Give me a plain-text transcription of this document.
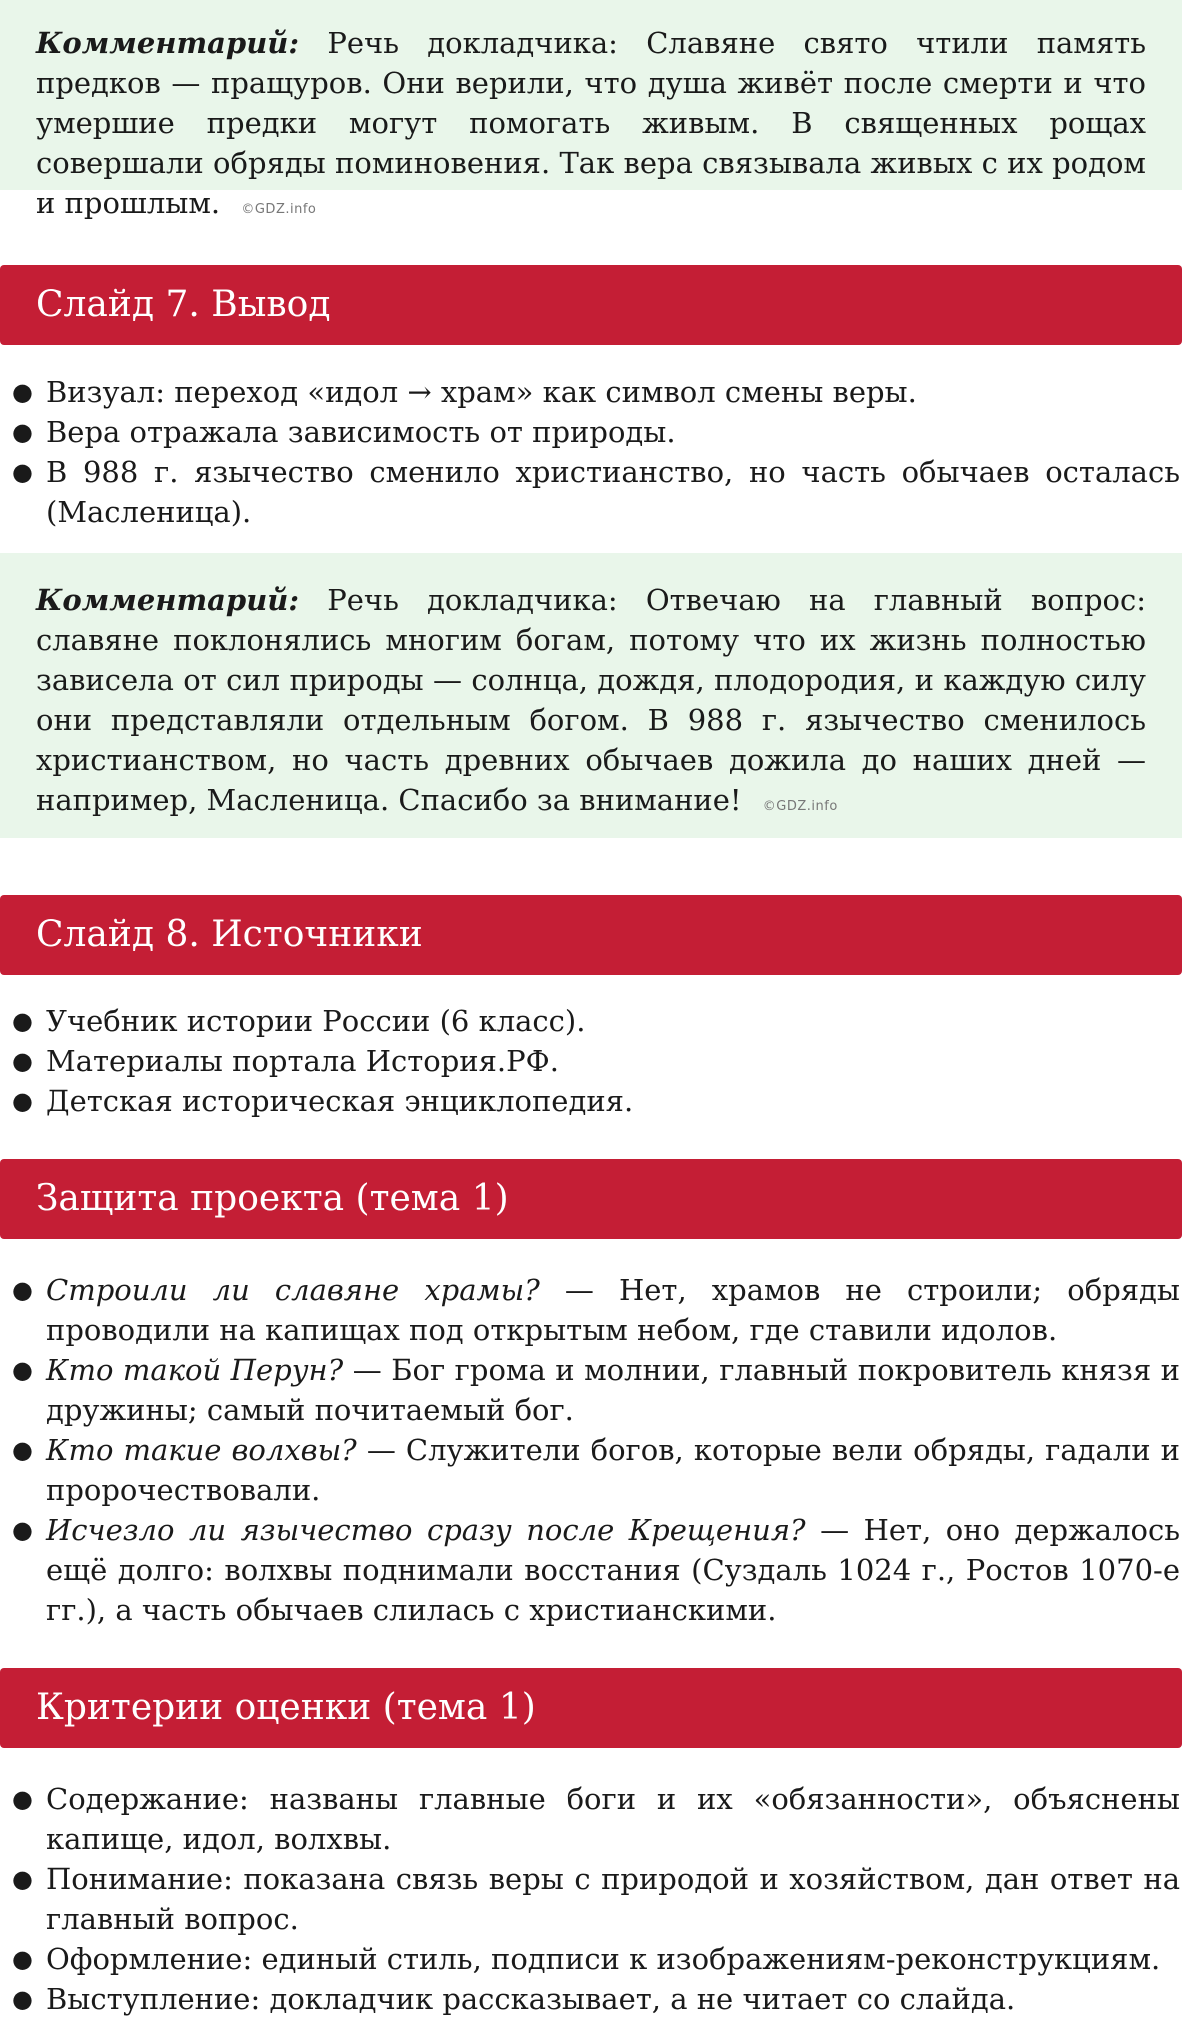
Комментарий: Речь докладчика: Славяне свято чтили память предков — пращуров. Они верили, что душа живёт после смерти и что умершие предки могут помогать живым. В священных рощах совершали обряды поминовения. Так вера связывала живых с их родом и прошлым. ©GDZ.info
Слайд 7. Вывод
● Визуал: переход «идол → храм» как символ смены веры.
● Вера отражала зависимость от природы.
● В 988 г. язычество сменило христианство, но часть обычаев осталась (Масленица).
Комментарий: Речь докладчика: Отвечаю на главный вопрос: славяне поклонялись многим богам, потому что их жизнь полностью зависела от сил природы — солнца, дождя, плодородия, и каждую силу они представляли отдельным богом. В 988 г. язычество сменилось христианством, но часть древних обычаев дожила до наших дней — например, Масленица. Спасибо за внимание! ©GDZ.info
Слайд 8. Источники
● Учебник истории России (6 класс).
● Материалы портала История.РФ.
● Детская историческая энциклопедия.
Защита проекта (тема 1)
● Строили ли славяне храмы? — Нет, храмов не строили; обряды проводили на капищах под открытым небом, где ставили идолов.
● Кто такой Перун? — Бог грома и молнии, главный покровитель князя и дружины; самый почитаемый бог.
● Кто такие волхвы? — Служители богов, которые вели обряды, гадали и пророчествовали.
● Исчезло ли язычество сразу после Крещения? — Нет, оно держалось ещё долго: волхвы поднимали восстания (Суздаль 1024 г., Ростов 1070-е гг.), а часть обычаев слилась с христианскими.
Критерии оценки (тема 1)
● Содержание: названы главные боги и их «обязанности», объяснены капище, идол, волхвы.
● Понимание: показана связь веры с природой и хозяйством, дан ответ на главный вопрос.
● Оформление: единый стиль, подписи к изображениям-реконструкциям.
● Выступление: докладчик рассказывает, а не читает со слайда.
